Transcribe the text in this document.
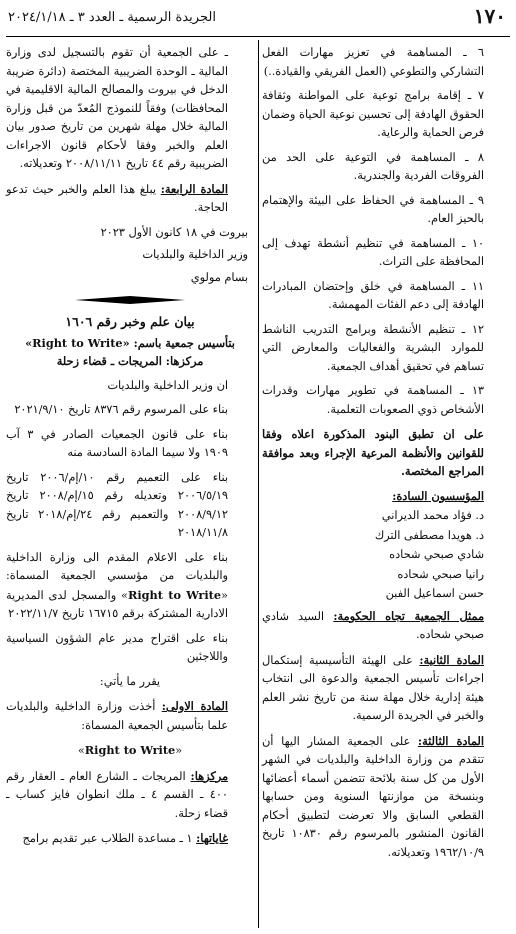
١٧٠
الجريدة الرسمية ـ العدد ٣ ـ ٢٠٢٤/١/١٨

٦ ـ المساهمة في تعزيز مهارات الفعل التشاركي والتطوعي (العمل الفريقي والقيادة..)

٧ ـ إقامة برامج توعية على المواطنة وثقافة الحقوق الهادفة إلى تحسين نوعية الحياة وضمان فرص الحماية والرعاية.

٨ ـ المساهمة في التوعية على الحد من الفروقات الفردية والجندرية.

٩ ـ المساهمة في الحفاظ على البيئة والإهتمام بالحيز العام.

١٠ ـ المساهمة في تنظيم أنشطة تهدف إلى المحافظة على التراث.

١١ ـ المساهمة في خلق وإحتضان المبادرات الهادفة إلى دعم الفئات المهمشة.

١٢ ـ تنظيم الأنشطة وبرامج التدريب الناشط للموارد البشرية والفعاليات والمعارض التي تساهم في تحقيق أهداف الجمعية.

١٣ ـ المساهمة في تطوير مهارات وقدرات الأشخاص ذوي الصعوبات التعلمية.

على ان تطبق البنود المذكورة اعلاه وفقا للقوانين والأنظمة المرعية الإجراء وبعد موافقة المراجع المختصة.

المؤسسون السادة:

د. فؤاد محمد الديراني

د. هويدا مصطفى الترك

شادي صبحي شحاده

رانيا صبحي شحاده

حسن اسماعيل الفبن

ممثل الجمعية تجاه الحكومة: السيد شادي صبحي شحاده.

المادة الثانية: على الهيئة التأسيسية إستكمال اجراءات تأسيس الجمعية والدعوة الى انتخاب هيئة إدارية خلال مهلة سنة من تاريخ نشر العلم والخبر في الجريدة الرسمية.

المادة الثالثة: على الجمعية المشار اليها أن تتقدم من وزارة الداخلية والبلديات في الشهر الأول من كل سنة بلائحة تتضمن أسماء أعضائها وبنسخة من موازنتها السنوية ومن حسابها القطعي السابق والا تعرضت لتطبيق أحكام القانون المنشور بالمرسوم رقم ١٠٨٣٠ تاريخ ١٩٦٢/١٠/٩ وتعديلاته.

ـ على الجمعية أن تقوم بالتسجيل لدى وزارة المالية ـ الوحدة الضريبية المختصة (دائرة ضريبة الدخل في بيروت والمصالح المالية الاقليمية في المحافظات) وفقاً للنموذج المُعدّ من قبل وزارة المالية خلال مهلة شهرين من تاريخ صدور بيان العلم والخبر وفقا لأحكام قانون الاجراءات الضريبية رقم ٤٤ تاريخ ٢٠٠٨/١١/١١ وتعديلاته.

المادة الرابعة: يبلغ هذا العلم والخبر حيث تدعو الحاجة.

بيروت في ١٨ كانون الأول ٢٠٢٣

وزير الداخلية والبلديات

بسام مولوي

بيان علم وخبر رقم ١٦٠٦

بتأسيس جمعية باسم: «Right to Write»

مركزها: المريجات ـ قضاء زحلة

ان وزير الداخلية والبلديات

بناء على المرسوم رقم ٨٣٧٦ تاريخ ٢٠٢١/٩/١٠

بناء على قانون الجمعيات الصادر في ٣ آب ١٩٠٩ ولا سيما المادة السادسة منه

بناء على التعميم رقم ١٠/إم/٢٠٠٦ تاريخ ٢٠٠٦/٥/١٩ وتعديله رقم ١٥/إم/٢٠٠٨ تاريخ ٢٠٠٨/٩/١٢ والتعميم رقم ٢٤/إم/٢٠١٨ تاريخ ٢٠١٨/١١/٨

بناء على الاعلام المقدم الى وزارة الداخلية والبلديات من مؤسسي الجمعية المسماة: «Right to Write» والمسجل لدى المديرية الادارية المشتركة برقم ١٦٧١٥ تاريخ ٢٠٢٢/١١/٧

بناء على اقتراح مدير عام الشؤون السياسية واللاجئين

يقرر ما يأتي:

المادة الاولى: أخذت وزارة الداخلية والبلديات علما بتأسيس الجمعية المسماة:

«Right to Write»

مركزها: المريجات ـ الشارع العام ـ العقار رقم ٤٠٠ ـ القسم ٤ ـ ملك انطوان فايز كساب ـ قضاء زحلة.

غاياتها: ١ ـ مساعدة الطلاب عبر تقديم برامج
